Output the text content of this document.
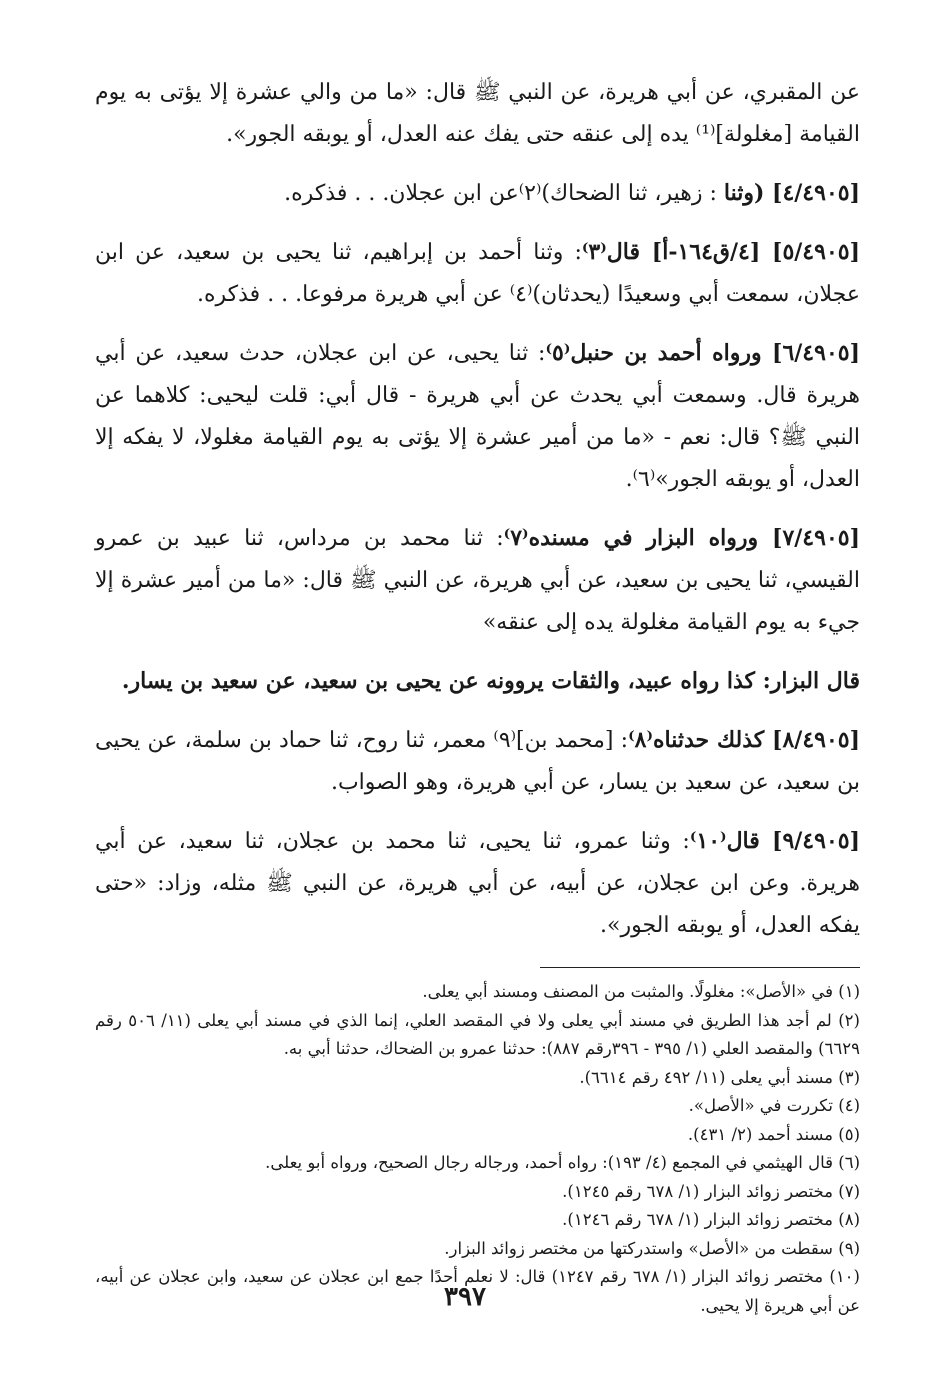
عن المقبري، عن أبي هريرة، عن النبي ﷺ قال: «ما من والي عشرة إلا يؤتى به يوم القيامة [مغلولة]⁽¹⁾ يده إلى عنقه حتى يفك عنه العدل، أو يوبقه الجور».

[٤/٤٩٠٥] (وثنا : زهير، ثنا الضحاك)⁽٢⁾عن ابن عجلان. . . فذكره.

[٥/٤٩٠٥] [٤/ق١٦٤-أ] قال⁽٣⁾: وثنا أحمد بن إبراهيم، ثنا يحيى بن سعيد، عن ابن عجلان، سمعت أبي وسعيدًا (يحدثان)⁽٤⁾ عن أبي هريرة مرفوعا. . . فذكره.

[٦/٤٩٠٥] ورواه أحمد بن حنبل⁽٥⁾: ثنا يحيى، عن ابن عجلان، حدث سعيد، عن أبي هريرة قال. وسمعت أبي يحدث عن أبي هريرة - قال أبي: قلت ليحيى: كلاهما عن النبي ﷺ؟ قال: نعم - «ما من أمير عشرة إلا يؤتى به يوم القيامة مغلولا، لا يفكه إلا العدل، أو يوبقه الجور»⁽٦⁾.

[٧/٤٩٠٥] ورواه البزار في مسنده⁽٧⁾: ثنا محمد بن مرداس، ثنا عبيد بن عمرو القيسي، ثنا يحيى بن سعيد، عن أبي هريرة، عن النبي ﷺ قال: «ما من أمير عشرة إلا جيء به يوم القيامة مغلولة يده إلى عنقه»

قال البزار: كذا رواه عبيد، والثقات يروونه عن يحيى بن سعيد، عن سعيد بن يسار.

[٨/٤٩٠٥] كذلك حدثناه⁽٨⁾: [محمد بن]⁽٩⁾ معمر، ثنا روح، ثنا حماد بن سلمة، عن يحيى بن سعيد، عن سعيد بن يسار، عن أبي هريرة، وهو الصواب.

[٩/٤٩٠٥] قال⁽١٠⁾: وثنا عمرو، ثنا يحيى، ثنا محمد بن عجلان، ثنا سعيد، عن أبي هريرة. وعن ابن عجلان، عن أبيه، عن أبي هريرة، عن النبي ﷺ مثله، وزاد: «حتى يفكه العدل، أو يوبقه الجور».

(١) في «الأصل»: مغلولًا. والمثبت من المصنف ومسند أبي يعلى.

(٢) لم أجد هذا الطريق في مسند أبي يعلى ولا في المقصد العلي، إنما الذي في مسند أبي يعلى (١١/ ٥٠٦ رقم ٦٦٢٩) والمقصد العلي (١/ ٣٩٥ - ٣٩٦رقم ٨٨٧): حدثنا عمرو بن الضحاك، حدثنا أبي به.

(٣) مسند أبي يعلى (١١/ ٤٩٢ رقم ٦٦١٤).

(٤) تكررت في «الأصل».

(٥) مسند أحمد (٢/ ٤٣١).

(٦) قال الهيثمي في المجمع (٤/ ١٩٣): رواه أحمد، ورجاله رجال الصحيح، ورواه أبو يعلى.

(٧) مختصر زوائد البزار (١/ ٦٧٨ رقم ١٢٤٥).

(٨) مختصر زوائد البزار (١/ ٦٧٨ رقم ١٢٤٦).

(٩) سقطت من «الأصل» واستدركتها من مختصر زوائد البزار.

(١٠) مختصر زوائد البزار (١/ ٦٧٨ رقم ١٢٤٧) قال: لا نعلم أحدًا جمع ابن عجلان عن سعيد، وابن عجلان عن أبيه، عن أبي هريرة إلا يحيى.

٣٩٧
